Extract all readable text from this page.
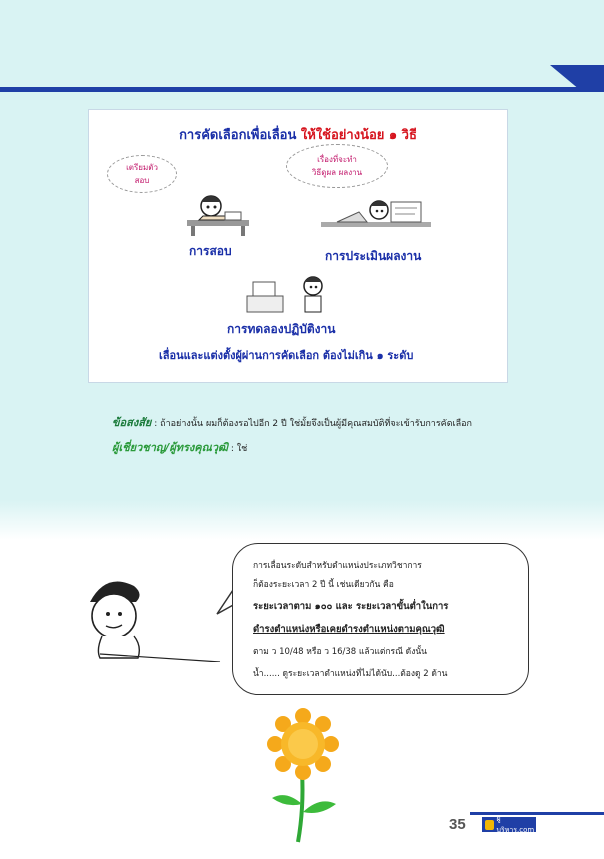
การคัดเลือกเพื่อเลื่อน ให้ใช้อย่างน้อย ๑ วิธี
เตรียมตัว
สอบ
เรื่องที่จะทำ
วิธีดูผล ผลงาน
การสอบ	การประเมินผลงาน
การทดลองปฏิบัติงาน
เลื่อนและแต่งตั้งผู้ผ่านการคัดเลือก ต้องไม่เกิน ๑ ระดับ
ข้อสงสัย : ถ้าอย่างนั้น ผมก็ต้องรอไปอีก 2 ปี ใช่มั้ยจึงเป็นผู้มีคุณสมบัติที่จะเข้ารับการคัดเลือก
ผู้เชี่ยวชาญ/ผู้ทรงคุณวุฒิ : ใช่
การเลื่อนระดับสำหรับตำแหน่งประเภทวิชาการ
ก็ต้องระยะเวลา 2 ปี นี้ เช่นเดียวกัน คือ
ระยะเวลาตาม ๑๐๐ และ ระยะเวลาขั้นต่ำในการ
ดำรงตำแหน่งหรือเคยดำรงตำแหน่งตามคุณวุฒิ
ตาม ว 10/48 หรือ ว 16/38 แล้วแต่กรณี ดังนั้น
น้ำ...... ดูระยะเวลาตำแหน่งที่ไม่ได้นับ...ต้องดู 2 ด้าน
35	ผู้บริหาร.com
